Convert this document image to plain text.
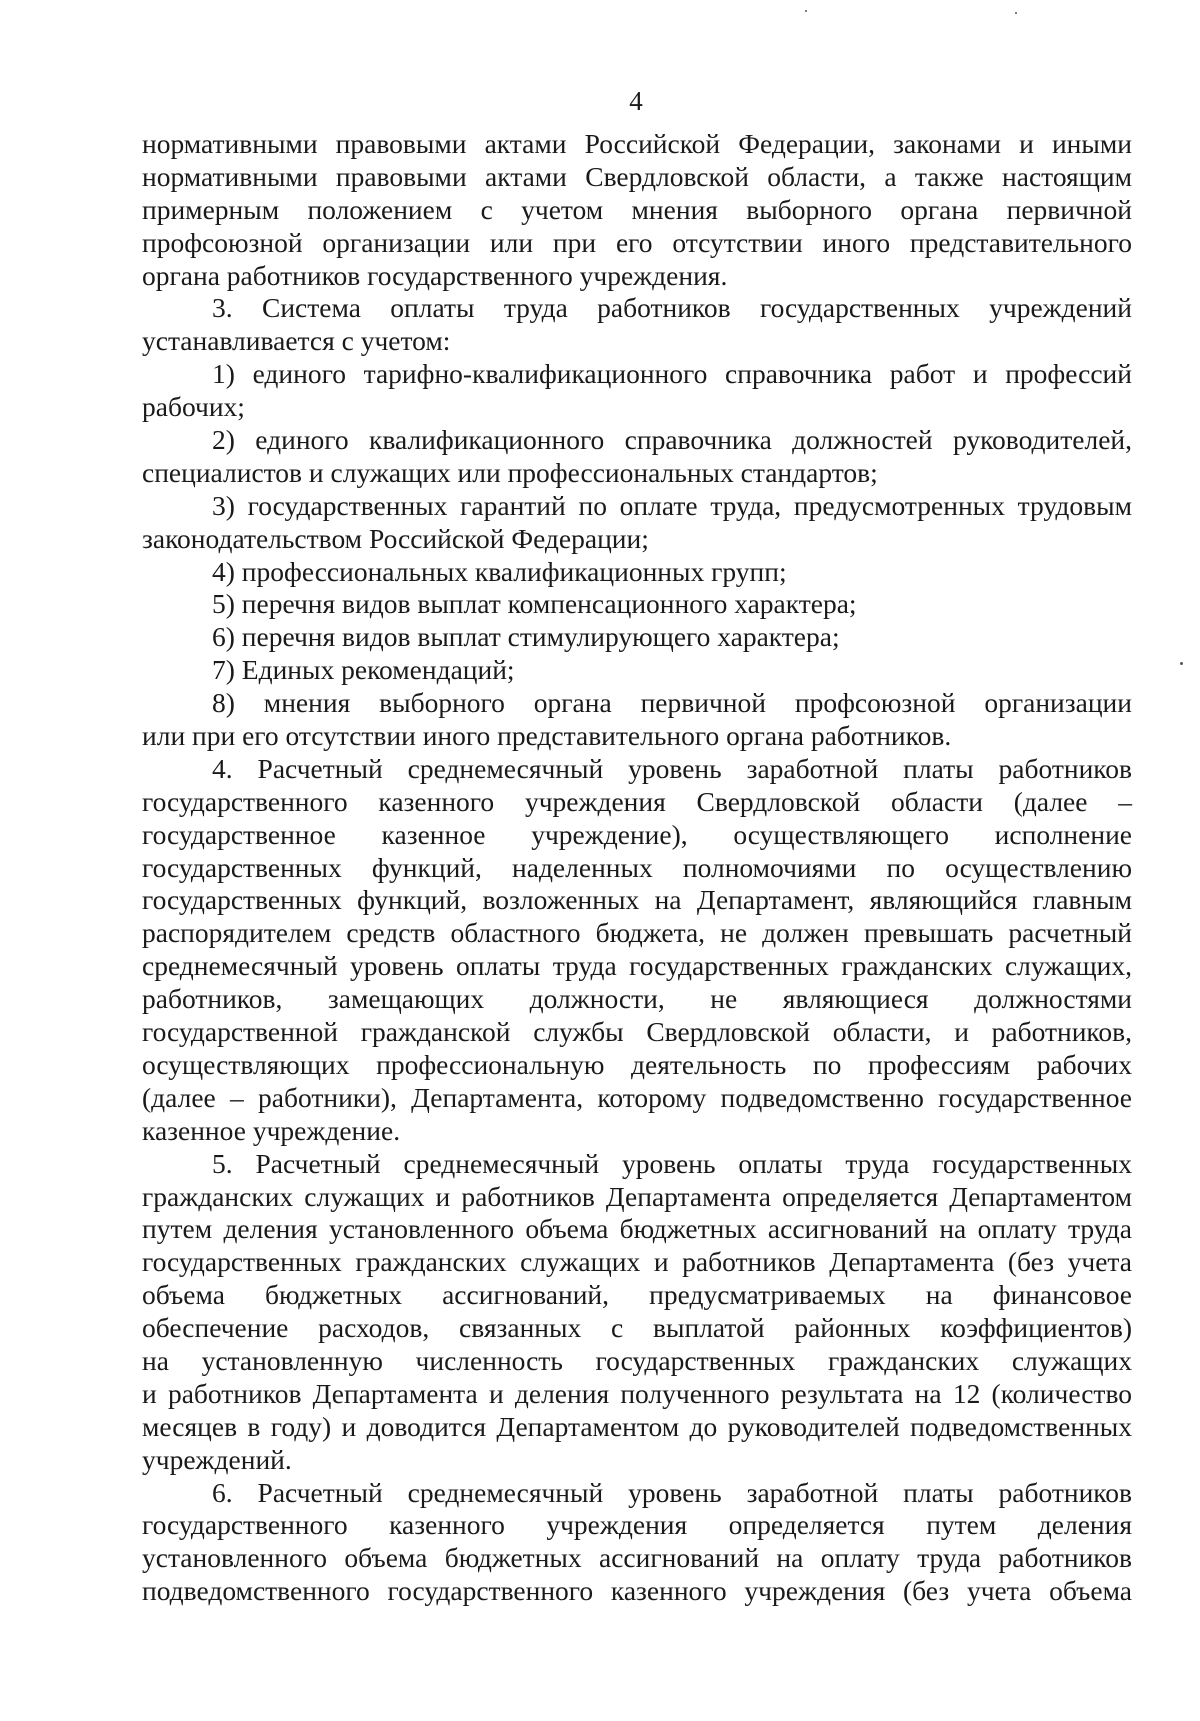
4
нормативными правовыми актами Российской Федерации, законами и иными
нормативными правовыми актами Свердловской области, а также настоящим
примерным положением с учетом мнения выборного органа первичной
профсоюзной организации или при его отсутствии иного представительного
органа работников государственного учреждения.
3. Система оплаты труда работников государственных учреждений
устанавливается с учетом:
1) единого тарифно-квалификационного справочника работ и профессий
рабочих;
2) единого квалификационного справочника должностей руководителей,
специалистов и служащих или профессиональных стандартов;
3) государственных гарантий по оплате труда, предусмотренных трудовым
законодательством Российской Федерации;
4) профессиональных квалификационных групп;
5) перечня видов выплат компенсационного характера;
6) перечня видов выплат стимулирующего характера;
7) Единых рекомендаций;
8) мнения выборного органа первичной профсоюзной организации
или при его отсутствии иного представительного органа работников.
4. Расчетный среднемесячный уровень заработной платы работников
государственного казенного учреждения Свердловской области (далее –
государственное казенное учреждение), осуществляющего исполнение
государственных функций, наделенных полномочиями по осуществлению
государственных функций, возложенных на Департамент, являющийся главным
распорядителем средств областного бюджета, не должен превышать расчетный
среднемесячный уровень оплаты труда государственных гражданских служащих,
работников, замещающих должности, не являющиеся должностями
государственной гражданской службы Свердловской области, и работников,
осуществляющих профессиональную деятельность по профессиям рабочих
(далее – работники), Департамента, которому подведомственно государственное
казенное учреждение.
5. Расчетный среднемесячный уровень оплаты труда государственных
гражданских служащих и работников Департамента определяется Департаментом
путем деления установленного объема бюджетных ассигнований на оплату труда
государственных гражданских служащих и работников Департамента (без учета
объема бюджетных ассигнований, предусматриваемых на финансовое
обеспечение расходов, связанных с выплатой районных коэффициентов)
на установленную численность государственных гражданских служащих
и работников Департамента и деления полученного результата на 12 (количество
месяцев в году) и доводится Департаментом до руководителей подведомственных
учреждений.
6. Расчетный среднемесячный уровень заработной платы работников
государственного казенного учреждения определяется путем деления
установленного объема бюджетных ассигнований на оплату труда работников
подведомственного государственного казенного учреждения (без учета объема
